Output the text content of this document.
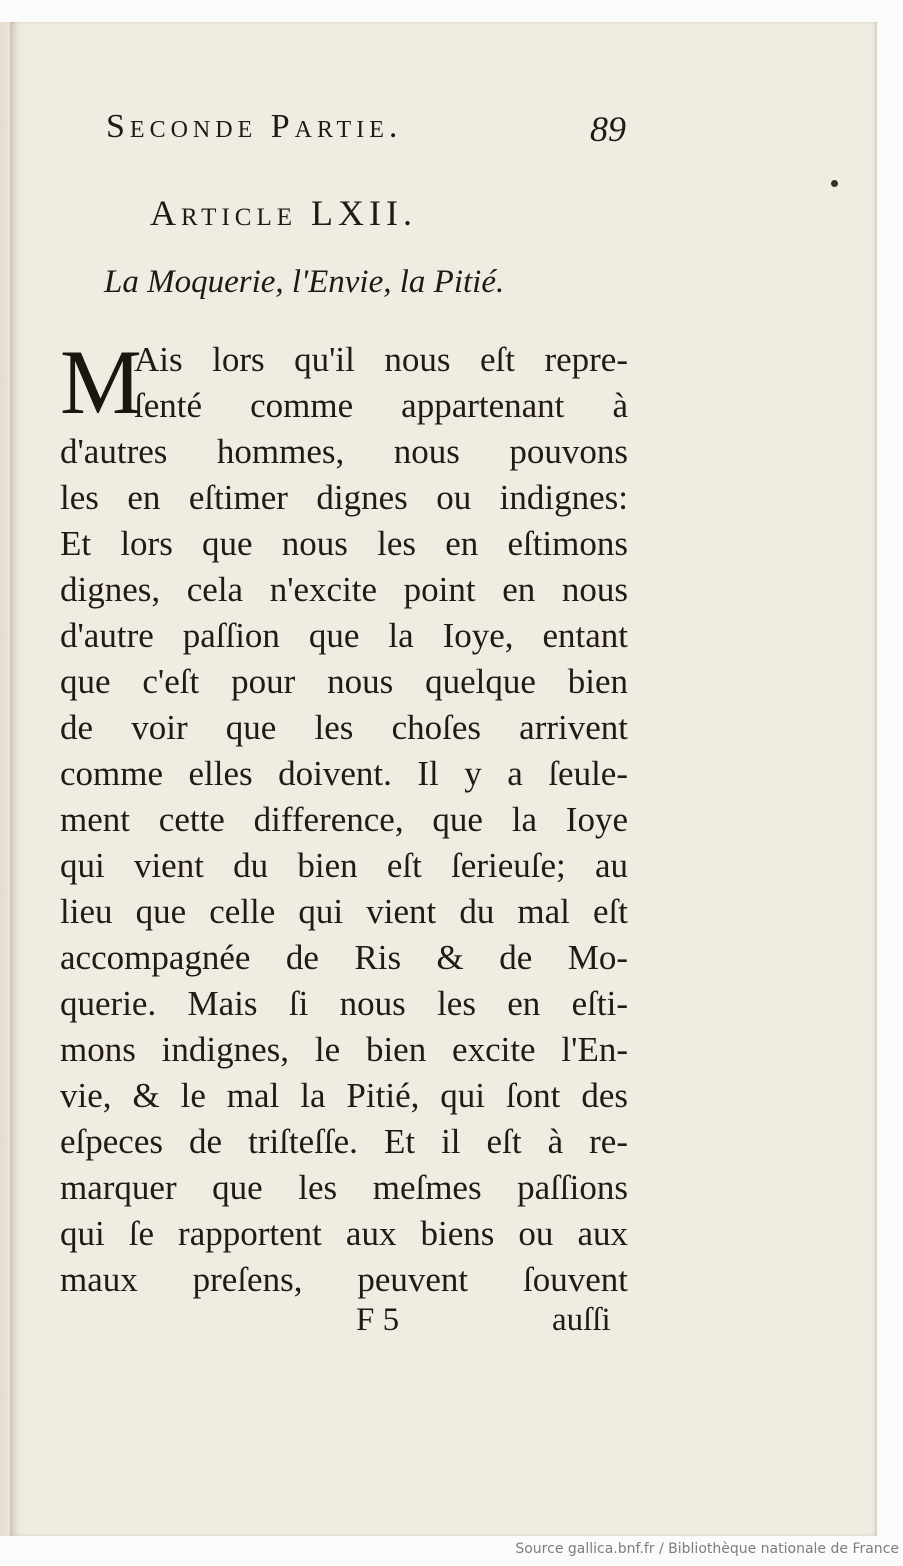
Seconde Partie.	89
Article LXII.
La Moquerie, l'Envie, la Pitié.
M
Ais lors qu'il nous eſt repre-
ſenté comme appartenant à
d'autres hommes, nous pouvons
les en eſtimer dignes ou indignes:
Et lors que nous les en eſtimons
dignes, cela n'excite point en nous
d'autre paſſion que la Ioye, entant
que c'eſt pour nous quelque bien
de voir que les choſes arrivent
comme elles doivent. Il y a ſeule-
ment cette difference, que la Ioye
qui vient du bien eſt ſerieuſe; au
lieu que celle qui vient du mal eſt
accompagnée de Ris & de Mo-
querie. Mais ſi nous les en eſti-
mons indignes, le bien excite l'En-
vie, & le mal la Pitié, qui ſont des
eſpeces de triſteſſe. Et il eſt à re-
marquer que les meſmes paſſions
qui ſe rapportent aux biens ou aux
maux preſens, peuvent ſouvent
F 5	auſſi
Source gallica.bnf.fr / Bibliothèque nationale de France
